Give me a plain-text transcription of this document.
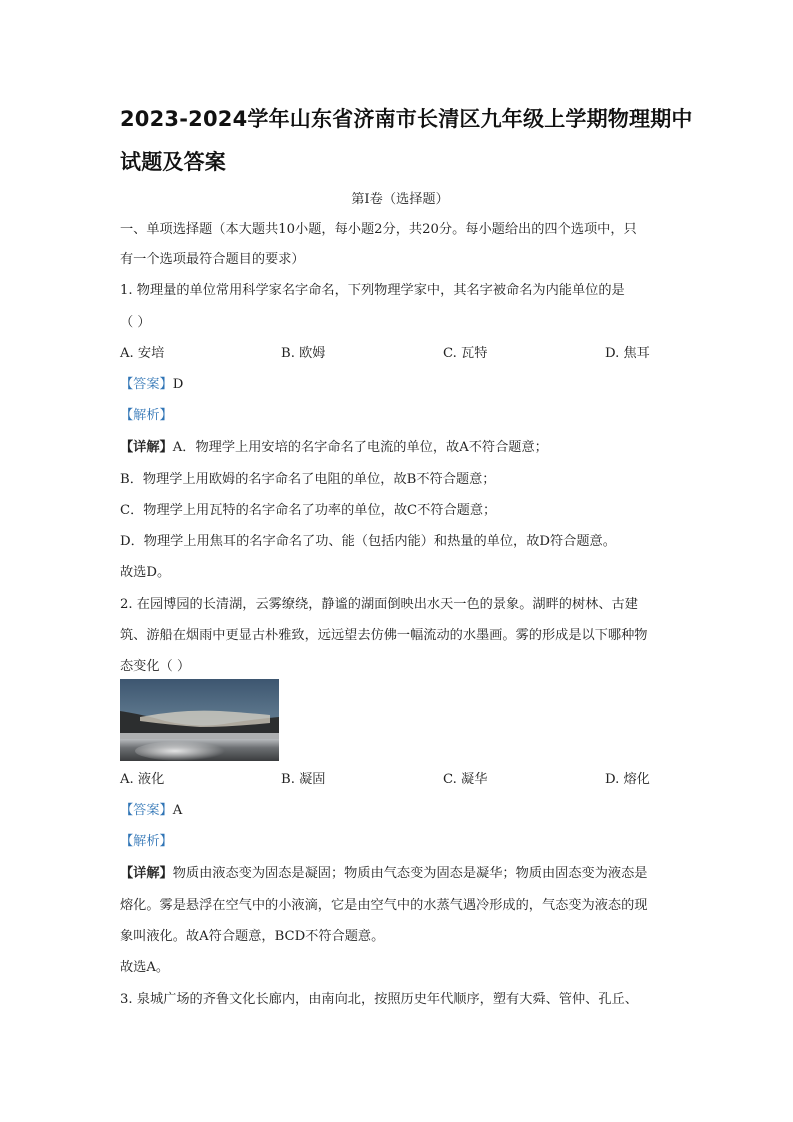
2023-2024学年山东省济南市长清区九年级上学期物理期中
试题及答案
第Ⅰ卷（选择题）
一、单项选择题（本大题共10小题，每小题2分，共20分。每小题给出的四个选项中，只
有一个选项最符合题目的要求）
1. 物理量的单位常用科学家名字命名，下列物理学家中，其名字被命名为内能单位的是
（ ）
A. 安培	B. 欧姆	C. 瓦特	D. 焦耳
【答案】D
【解析】
【详解】A．物理学上用安培的名字命名了电流的单位，故A不符合题意；
B．物理学上用欧姆的名字命名了电阻的单位，故B不符合题意；
C．物理学上用瓦特的名字命名了功率的单位，故C不符合题意；
D．物理学上用焦耳的名字命名了功、能（包括内能）和热量的单位，故D符合题意。
故选D。
2. 在园博园的长清湖，云雾缭绕，静谧的湖面倒映出水天一色的景象。湖畔的树林、古建
筑、游船在烟雨中更显古朴雅致，远远望去仿佛一幅流动的水墨画。雾的形成是以下哪种物
态变化（ ）
A. 液化	B. 凝固	C. 凝华	D. 熔化
【答案】A
【解析】
【详解】物质由液态变为固态是凝固；物质由气态变为固态是凝华；物质由固态变为液态是
熔化。雾是悬浮在空气中的小液滴，它是由空气中的水蒸气遇冷形成的，气态变为液态的现
象叫液化。故A符合题意，BCD不符合题意。
故选A。
3. 泉城广场的齐鲁文化长廊内，由南向北，按照历史年代顺序，塑有大舜、管仲、孔丘、
